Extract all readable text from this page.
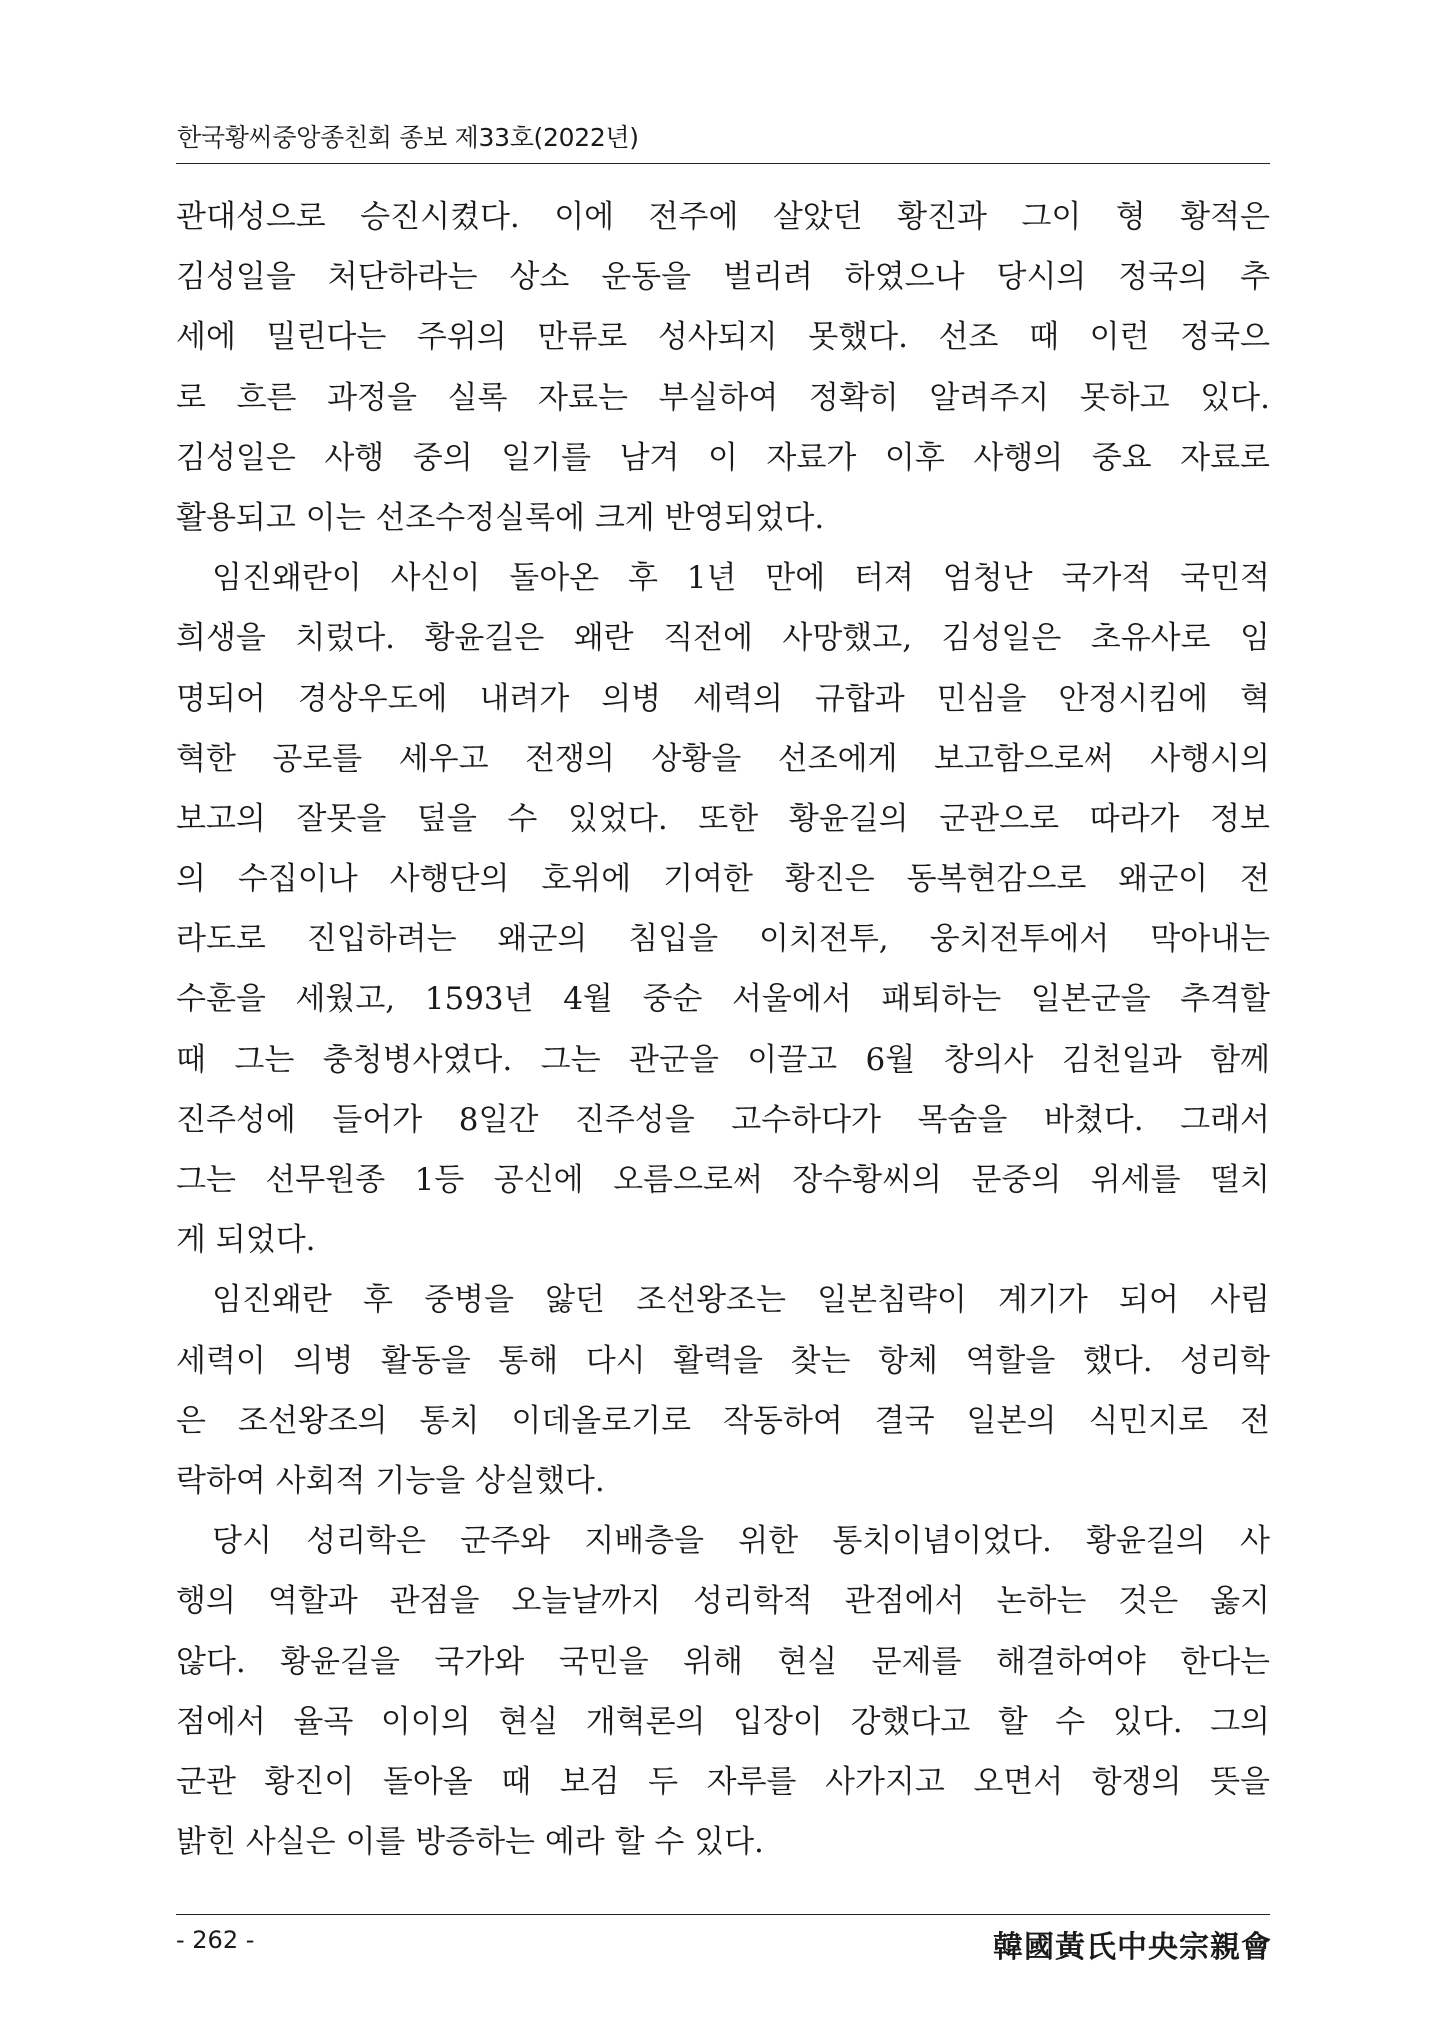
한국황씨중앙종친회 종보 제33호(2022년)
관대성으로 승진시켰다. 이에 전주에 살았던 황진과 그이 형 황적은
김성일을 처단하라는 상소 운동을 벌리려 하였으나 당시의 정국의 추
세에 밀린다는 주위의 만류로 성사되지 못했다. 선조 때 이런 정국으
로 흐른 과정을 실록 자료는 부실하여 정확히 알려주지 못하고 있다.
김성일은 사행 중의 일기를 남겨 이 자료가 이후 사행의 중요 자료로
활용되고 이는 선조수정실록에 크게 반영되었다.
임진왜란이 사신이 돌아온 후 1년 만에 터져 엄청난 국가적 국민적
희생을 치렀다. 황윤길은 왜란 직전에 사망했고, 김성일은 초유사로 임
명되어 경상우도에 내려가 의병 세력의 규합과 민심을 안정시킴에 혁
혁한 공로를 세우고 전쟁의 상황을 선조에게 보고함으로써 사행시의
보고의 잘못을 덮을 수 있었다. 또한 황윤길의 군관으로 따라가 정보
의 수집이나 사행단의 호위에 기여한 황진은 동복현감으로 왜군이 전
라도로 진입하려는 왜군의 침입을 이치전투, 웅치전투에서 막아내는
수훈을 세웠고, 1593년 4월 중순 서울에서 패퇴하는 일본군을 추격할
때 그는 충청병사였다. 그는 관군을 이끌고 6월 창의사 김천일과 함께
진주성에 들어가 8일간 진주성을 고수하다가 목숨을 바쳤다. 그래서
그는 선무원종 1등 공신에 오름으로써 장수황씨의 문중의 위세를 떨치
게 되었다.
임진왜란 후 중병을 앓던 조선왕조는 일본침략이 계기가 되어 사림
세력이 의병 활동을 통해 다시 활력을 찾는 항체 역할을 했다. 성리학
은 조선왕조의 통치 이데올로기로 작동하여 결국 일본의 식민지로 전
락하여 사회적 기능을 상실했다.
당시 성리학은 군주와 지배층을 위한 통치이념이었다. 황윤길의 사
행의 역할과 관점을 오늘날까지 성리학적 관점에서 논하는 것은 옳지
않다. 황윤길을 국가와 국민을 위해 현실 문제를 해결하여야 한다는
점에서 율곡 이이의 현실 개혁론의 입장이 강했다고 할 수 있다. 그의
군관 황진이 돌아올 때 보검 두 자루를 사가지고 오면서 항쟁의 뜻을
밝힌 사실은 이를 방증하는 예라 할 수 있다.
- 262 -	韓國黃氏中央宗親會
